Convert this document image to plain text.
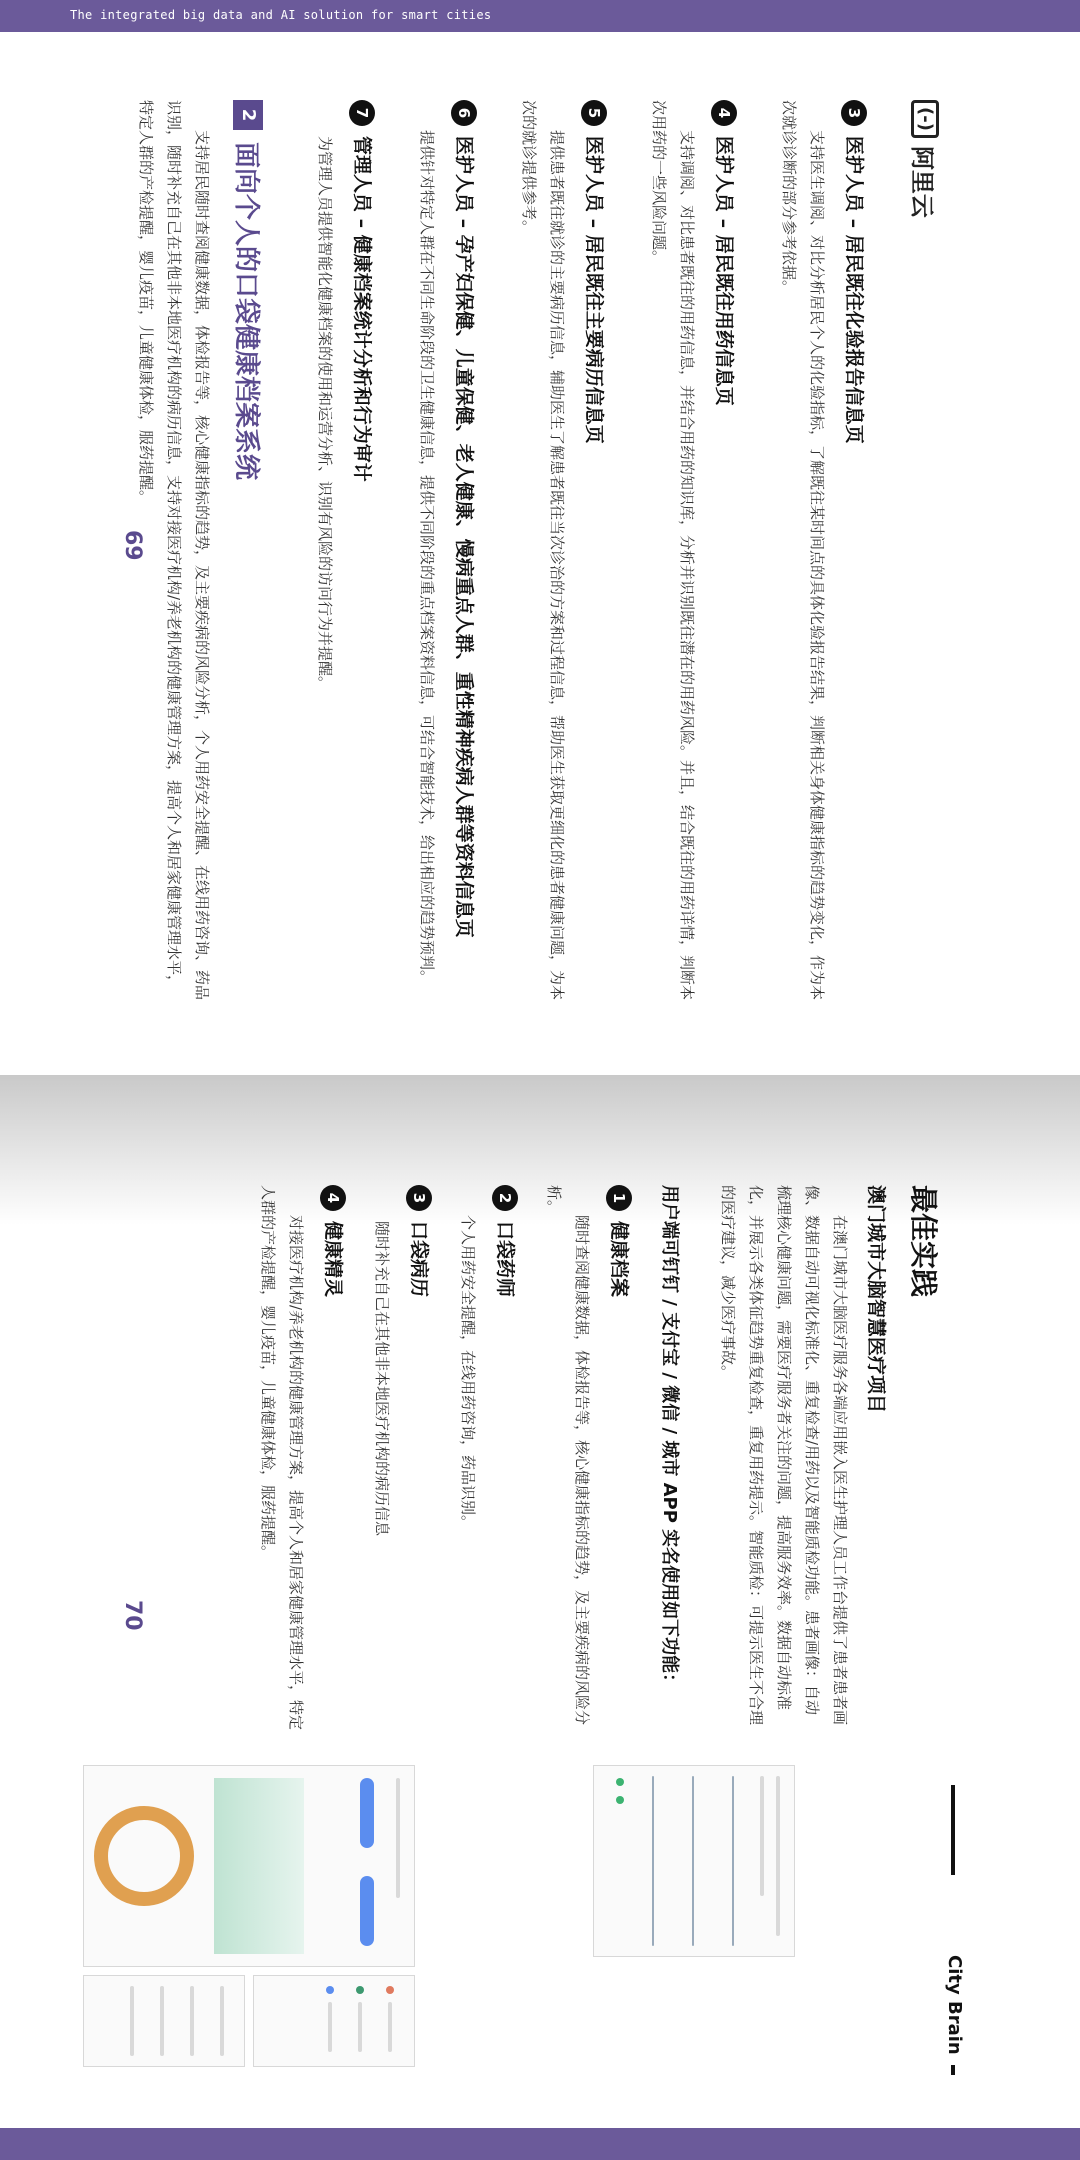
The integrated big data and AI solution for smart cities
(-)
阿里云
3
医护人员 – 居民既往化验报告信息页
支持医生调阅、对比分析居民个人的化验指标，了解既往某时间点的具体化验报告结果，判断相关身体健康指标的趋势变化，作为本次就诊诊断的部分参考依据。
4
医护人员 – 居民既往用药信息页
支持调阅、对比患者既往的用药信息，并结合用药的知识库，分析并识别既往潜在的用药风险。并且，结合既往的用药详情，判断本次用药的一些风险问题。
5
医护人员 – 居民既往主要病历信息页
提供患者既往就诊的主要病历信息，辅助医生了解患者既往当次诊治的方案和过程信息，帮助医生获取更细化的患者健康问题，为本次的就诊提供参考。
6
医护人员 – 孕产妇保健、儿童保健、老人健康、慢病重点人群、重性精神疾病人群等资料信息页
提供针对特定人群在不同生命阶段的卫生健康信息，提供不同阶段的重点档案资料信息，可结合智能技术，给出相应的趋势预判。
7
管理人员 – 健康档案统计分析和行为审计
为管理人员提供智能化健康档案的使用和运营分析、识别有风险的访问行为并提醒。
2
面向个人的口袋健康档案系统
支持居民随时查阅健康数据，体检报告等，核心健康指标的趋势，及主要疾病的风险分析，个人用药安全提醒、在线用药咨询、药品识别，随时补充自己在其他非本地医疗机构的病历信息，支持对接医疗机构/养老机构的健康管理方案，提高个人和居家健康管理水平，特定人群的产检提醒，婴儿疫苗，儿童健康体检，服药提醒。
69
最佳实践
澳门城市大脑智慧医疗项目
在澳门城市大脑医疗服务各端应用嵌入医生护理人员工作台提供了患者患者画像、数据自动可视化标准化、重复检查/用药以及智能质检功能。患者画像：自动梳理核心健康问题，需要医疗服务者关注的问题，提高服务效率。数据自动标准化，并展示各类体征趋势重复检查，重复用药提示。智能质检：可提示医生不合理的医疗建议，减少医疗事故。
用户端可钉钉 / 支付宝 / 微信 / 城市 APP 实名使用如下功能：
1
健康档案
随时查阅健康数据，体检报告等，核心健康指标的趋势，及主要疾病的风险分析。
2
口袋药师
个人用药安全提醒，在线用药咨询，药品识别。
3
口袋病历
随时补充自己在其他非本地医疗机构的病历信息
4
健康精灵
对接医疗机构/养老机构的健康管理方案，提高个人和居家健康管理水平，特定人群的产检提醒，婴儿疫苗，儿童健康体检，服药提醒。
70
City Brain
